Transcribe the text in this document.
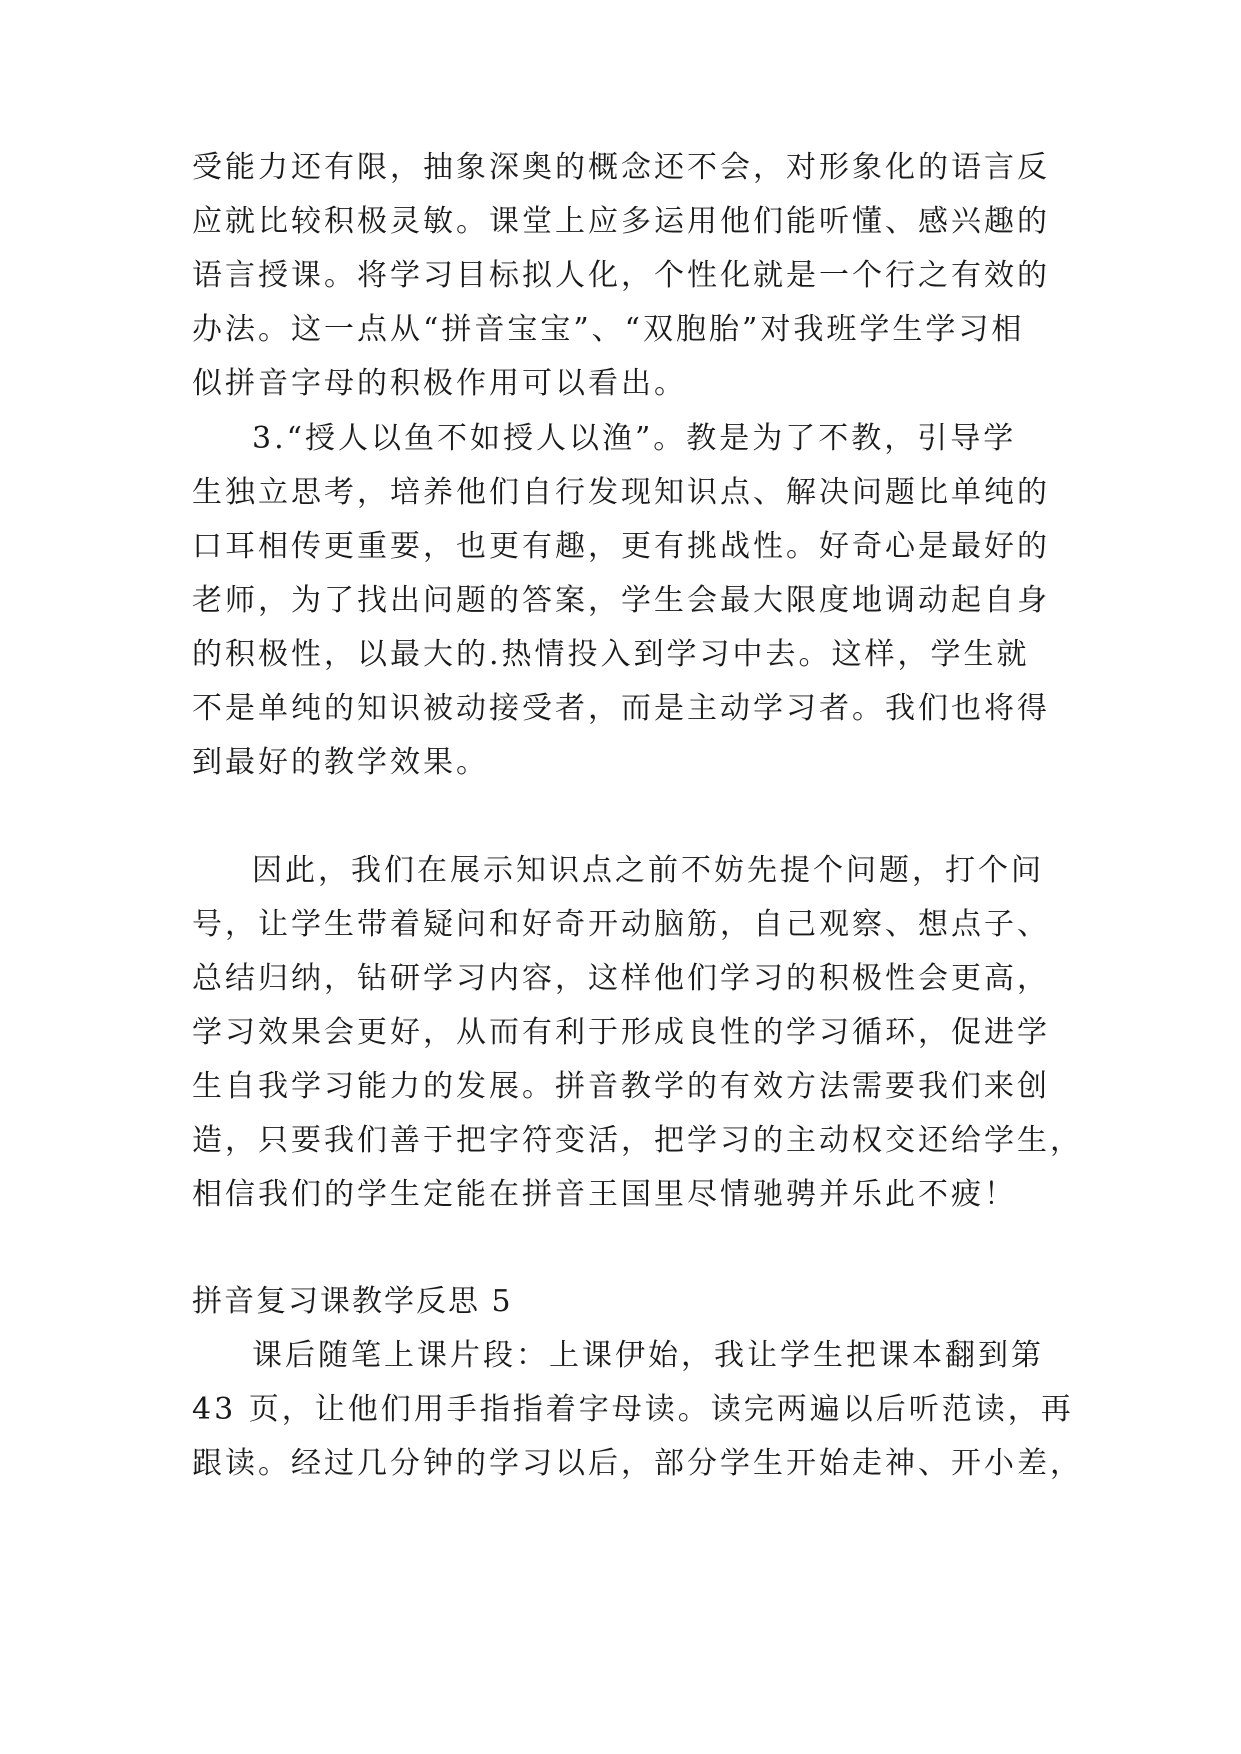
受能力还有限，抽象深奥的概念还不会，对形象化的语言反
应就比较积极灵敏。课堂上应多运用他们能听懂、感兴趣的
语言授课。将学习目标拟人化，个性化就是一个行之有效的
办法。这一点从“拼音宝宝”、“双胞胎”对我班学生学习相
似拼音字母的积极作用可以看出。
3.“授人以鱼不如授人以渔”。教是为了不教，引导学
生独立思考，培养他们自行发现知识点、解决问题比单纯的
口耳相传更重要，也更有趣，更有挑战性。好奇心是最好的
老师，为了找出问题的答案，学生会最大限度地调动起自身
的积极性，以最大的.热情投入到学习中去。这样，学生就
不是单纯的知识被动接受者，而是主动学习者。我们也将得
到最好的教学效果。
因此，我们在展示知识点之前不妨先提个问题，打个问
号，让学生带着疑问和好奇开动脑筋，自己观察、想点子、
总结归纳，钻研学习内容，这样他们学习的积极性会更高，
学习效果会更好，从而有利于形成良性的学习循环，促进学
生自我学习能力的发展。拼音教学的有效方法需要我们来创
造，只要我们善于把字符变活，把学习的主动权交还给学生，
相信我们的学生定能在拼音王国里尽情驰骋并乐此不疲！
拼音复习课教学反思 5
课后随笔上课片段：上课伊始，我让学生把课本翻到第
43 页，让他们用手指指着字母读。读完两遍以后听范读，再
跟读。经过几分钟的学习以后，部分学生开始走神、开小差，
